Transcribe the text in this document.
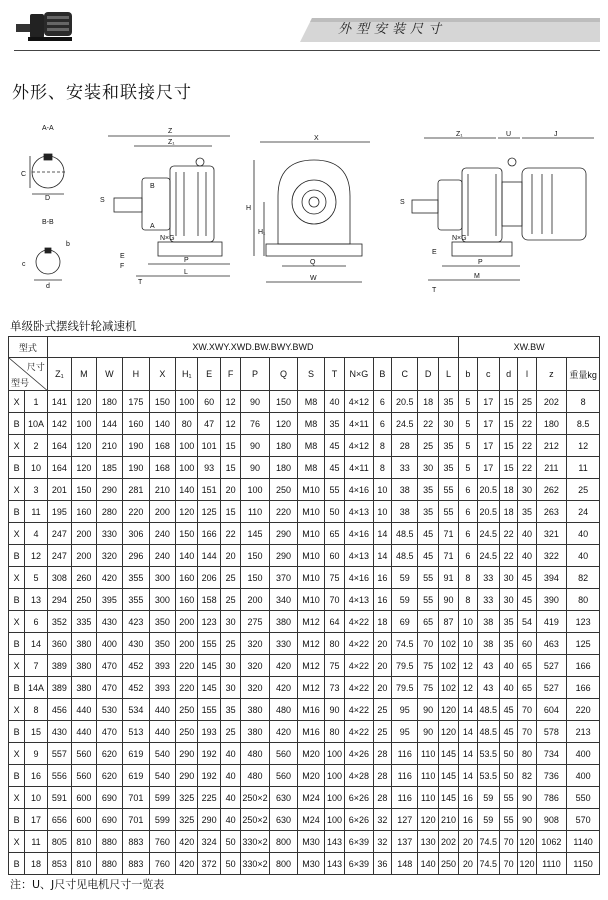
外型安装尺寸
外形、安装和联接尺寸
A-A
C
D
B-B
c
d
b
Z
Z₁
P
L
S
B
A
N×G
E
F
T
X
H
H₁
Q
W
Z₁	U	J
P
M
S
N×G
E
T
单级卧式摆线针轮减速机
型式		XW.XWY.XWD.BW.BWY.BWD																	XW.BW					

尺寸
型号		Z₁	M	W	H	X	H₁	E	F	P	Q	S	T	N×G	B	C	D	L	b	c	d	l	z	重量kg
X	1	141	120	180	175	150	100	60	12	90	150	M8	40	4×12	6	20.5	18	35	5	17	15	25	202	8
B	10A	142	100	144	160	140	80	47	12	76	120	M8	35	4×11	6	24.5	22	30	5	17	15	22	180	8.5
X	2	164	120	210	190	168	100	101	15	90	180	M8	45	4×12	8	28	25	35	5	17	15	22	212	12
B	10	164	120	185	190	168	100	93	15	90	180	M8	45	4×11	8	33	30	35	5	17	15	22	211	11
X	3	201	150	290	281	210	140	151	20	100	250	M10	55	4×16	10	38	35	55	6	20.5	18	30	262	25
B	11	195	160	280	220	200	120	125	15	110	220	M10	50	4×13	10	38	35	55	6	20.5	18	35	263	24
X	4	247	200	330	306	240	150	166	22	145	290	M10	65	4×16	14	48.5	45	71	6	24.5	22	40	321	40
B	12	247	200	320	296	240	140	144	20	150	290	M10	60	4×13	14	48.5	45	71	6	24.5	22	40	322	40
X	5	308	260	420	355	300	160	206	25	150	370	M10	75	4×16	16	59	55	91	8	33	30	45	394	82
B	13	294	250	395	355	300	160	158	25	200	340	M10	70	4×13	16	59	55	90	8	33	30	45	390	80
X	6	352	335	430	423	350	200	123	30	275	380	M12	64	4×22	18	69	65	87	10	38	35	54	419	123
B	14	360	380	400	430	350	200	155	25	320	330	M12	80	4×22	20	74.5	70	102	10	38	35	60	463	125
X	7	389	380	470	452	393	220	145	30	320	420	M12	75	4×22	20	79.5	75	102	12	43	40	65	527	166
B	14A	389	380	470	452	393	220	145	30	320	420	M12	73	4×22	20	79.5	75	102	12	43	40	65	527	166
X	8	456	440	530	534	440	250	155	35	380	480	M16	90	4×22	25	95	90	120	14	48.5	45	70	604	220
B	15	430	440	470	513	440	250	193	25	380	420	M16	80	4×22	25	95	90	120	14	48.5	45	70	578	213
X	9	557	560	620	619	540	290	192	40	480	560	M20	100	4×26	28	116	110	145	14	53.5	50	80	734	400
B	16	556	560	620	619	540	290	192	40	480	560	M20	100	4×28	28	116	110	145	14	53.5	50	82	736	400
X	10	591	600	690	701	599	325	225	40	250×2	630	M24	100	6×26	28	116	110	145	16	59	55	90	786	550
B	17	656	600	690	701	599	325	290	40	250×2	630	M24	100	6×26	32	127	120	210	16	59	55	90	908	570
X	11	805	810	880	883	760	420	324	50	330×2	800	M30	143	6×39	32	137	130	202	20	74.5	70	120	1062	1140
B	18	853	810	880	883	760	420	372	50	330×2	800	M30	143	6×39	36	148	140	250	20	74.5	70	120	1110	1150
注：U、J尺寸见电机尺寸一览表
